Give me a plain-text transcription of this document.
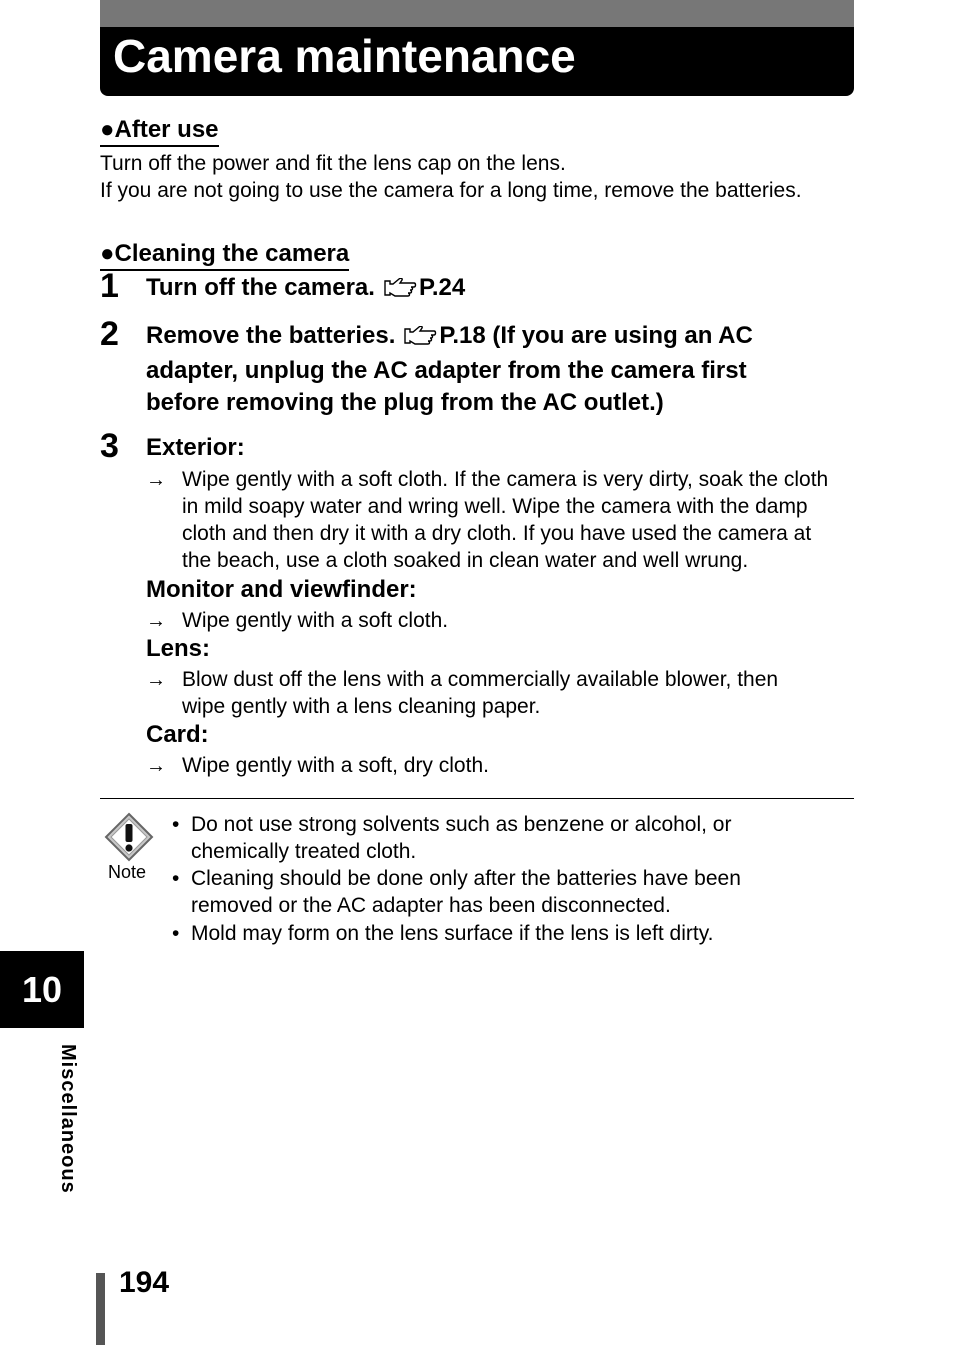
Camera maintenance
●After use

Turn off the power and fit the lens cap on the lens.

If you are not going to use the camera for a long time, remove the batteries.

●Cleaning the camera
1 Turn off the camera. P.24
2 Remove the batteries. P.18 (If you are using an AC
adapter, unplug the AC adapter from the camera first
before removing the plug from the AC outlet.)
3 Exterior:
→ Wipe gently with a soft cloth. If the camera is very dirty, soak the cloth
in mild soapy water and wring well. Wipe the camera with the damp
cloth and then dry it with a dry cloth. If you have used the camera at
the beach, use a cloth soaked in clean water and well wrung.
Monitor and viewfinder:
→ Wipe gently with a soft cloth.
Lens:
→ Blow dust off the lens with a commercially available blower, then
wipe gently with a lens cleaning paper.
Card:
→ Wipe gently with a soft, dry cloth.
Note
• Do not use strong solvents such as benzene or alcohol, or
chemically treated cloth.
• Cleaning should be done only after the batteries have been
removed or the AC adapter has been disconnected.
• Mold may form on the lens surface if the lens is left dirty.
10
Miscellaneous
194
